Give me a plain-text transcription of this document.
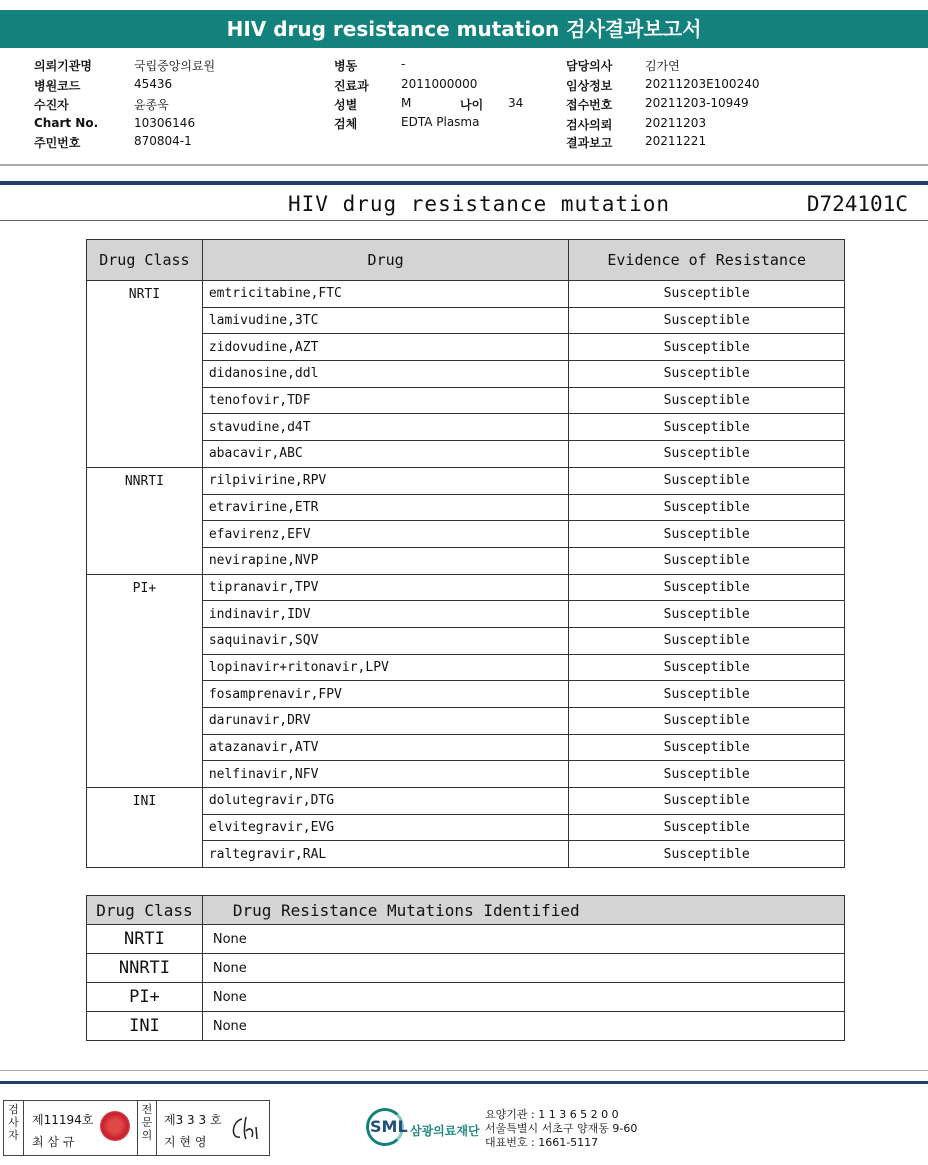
HIV drug resistance mutation 검사결과보고서
의뢰기관명	국립중앙의료원
병원코드	45436
수진자	윤종욱
Chart No.	10306146
주민번호	870804-1
병동	-
진료과	2011000000
성별	M
검체	EDTA Plasma
담당의사	김가연
임상정보	20211203E100240
접수번호	20211203-10949
검사의뢰	20211203
결과보고	20211221
나이 34
HIV drug resistance mutation	D724101C
Drug Class	Drug	Evidence of Resistance
NRTI	emtricitabine,FTC	Susceptible
	lamivudine,3TC	Susceptible
	zidovudine,AZT	Susceptible
	didanosine,ddl	Susceptible
	tenofovir,TDF	Susceptible
	stavudine,d4T	Susceptible
	abacavir,ABC	Susceptible
NNRTI	rilpivirine,RPV	Susceptible
	etravirine,ETR	Susceptible
	efavirenz,EFV	Susceptible
	nevirapine,NVP	Susceptible
PI+	tipranavir,TPV	Susceptible
	indinavir,IDV	Susceptible
	saquinavir,SQV	Susceptible
	lopinavir+ritonavir,LPV	Susceptible
	fosamprenavir,FPV	Susceptible
	darunavir,DRV	Susceptible
	atazanavir,ATV	Susceptible
	nelfinavir,NFV	Susceptible
INI	dolutegravir,DTG	Susceptible
	elvitegravir,EVG	Susceptible
	raltegravir,RAL	Susceptible
Drug Class	Drug Resistance Mutations Identified
NRTI	None
NNRTI	None
PI+	None
INI	None
검
사
자
제11194호
최 삼 규
전
문
의
제3 3 3 호
지 현 영
SML 삼광의료재단
요양기관 : 1 1 3 6 5 2 0 0
서울특별시 서초구 양재동 9-60
대표번호 : 1661-5117
